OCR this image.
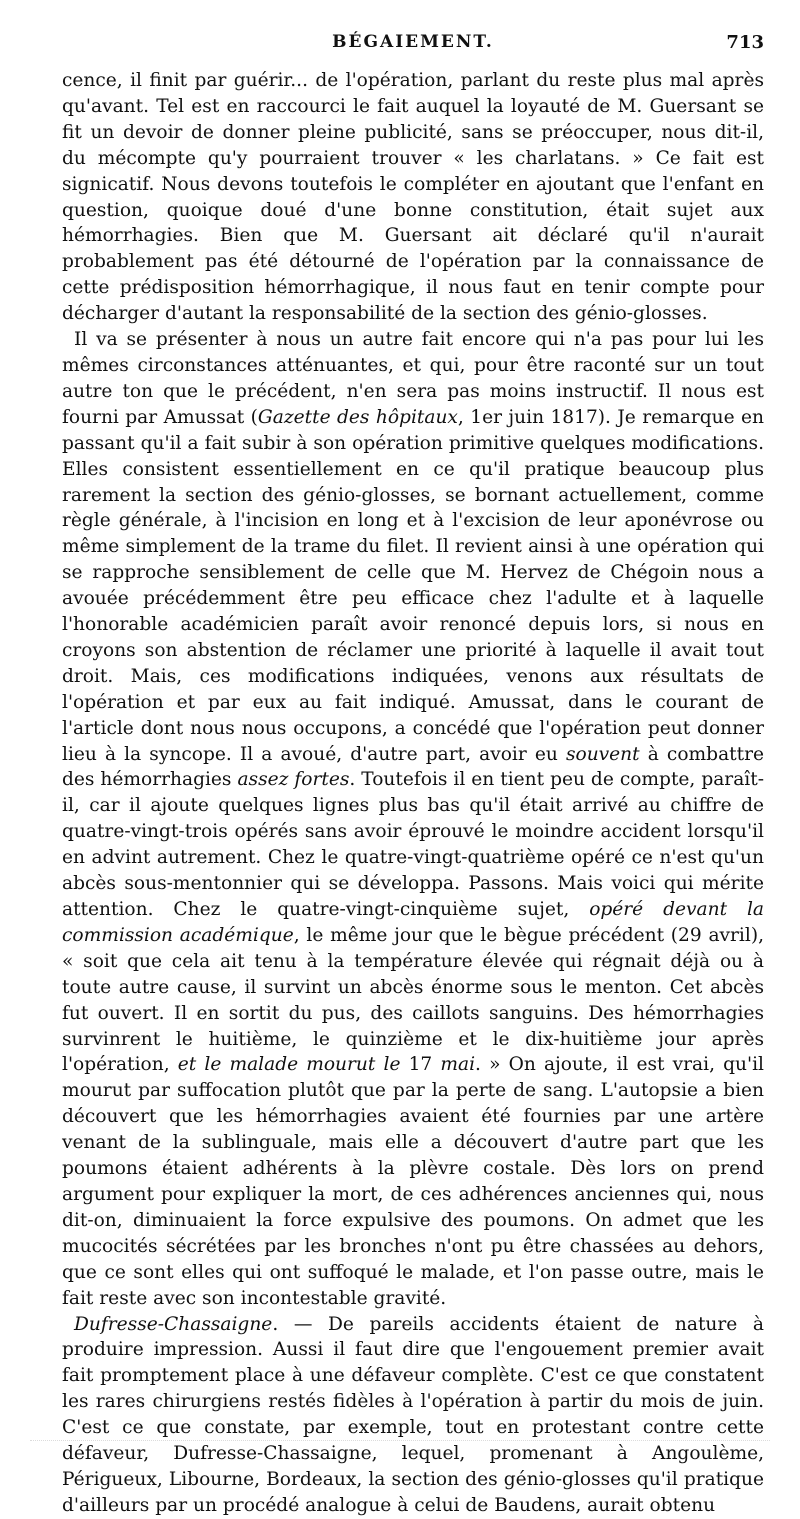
BÉGAIEMENT.	713

cence, il finit par guérir... de l'opération, parlant du reste plus mal après qu'avant. Tel est en raccourci le fait auquel la loyauté de M. Guersant se fit un devoir de donner pleine publicité, sans se préoccuper, nous dit-il, du mécompte qu'y pourraient trouver « les charlatans. » Ce fait est signicatif. Nous devons toutefois le compléter en ajoutant que l'enfant en question, quoique doué d'une bonne constitution, était sujet aux hémorrhagies. Bien que M. Guersant ait déclaré qu'il n'aurait probablement pas été détourné de l'opération par la connaissance de cette prédisposition hémorrhagique, il nous faut en tenir compte pour décharger d'autant la responsabilité de la section des génio-glosses.

Il va se présenter à nous un autre fait encore qui n'a pas pour lui les mêmes circonstances atténuantes, et qui, pour être raconté sur un tout autre ton que le précédent, n'en sera pas moins instructif. Il nous est fourni par Amussat (Gazette des hôpitaux, 1er juin 1817). Je remarque en passant qu'il a fait subir à son opération primitive quelques modifications. Elles consistent essentiellement en ce qu'il pratique beaucoup plus rarement la section des génio-glosses, se bornant actuellement, comme règle générale, à l'incision en long et à l'excision de leur aponévrose ou même simplement de la trame du filet. Il revient ainsi à une opération qui se rapproche sensiblement de celle que M. Hervez de Chégoin nous a avouée précédemment être peu efficace chez l'adulte et à laquelle l'honorable académicien paraît avoir renoncé depuis lors, si nous en croyons son abstention de réclamer une priorité à laquelle il avait tout droit. Mais, ces modifications indiquées, venons aux résultats de l'opération et par eux au fait indiqué. Amussat, dans le courant de l'article dont nous nous occupons, a concédé que l'opération peut donner lieu à la syncope. Il a avoué, d'autre part, avoir eu souvent à combattre des hémorrhagies assez fortes. Toutefois il en tient peu de compte, paraît-il, car il ajoute quelques lignes plus bas qu'il était arrivé au chiffre de quatre-vingt-trois opérés sans avoir éprouvé le moindre accident lorsqu'il en advint autrement. Chez le quatre-vingt-quatrième opéré ce n'est qu'un abcès sous-mentonnier qui se développa. Passons. Mais voici qui mérite attention. Chez le quatre-vingt-cinquième sujet, opéré devant la commission académique, le même jour que le bègue précédent (29 avril), « soit que cela ait tenu à la température élevée qui régnait déjà ou à toute autre cause, il survint un abcès énorme sous le menton. Cet abcès fut ouvert. Il en sortit du pus, des caillots sanguins. Des hémorrhagies survinrent le huitième, le quinzième et le dix-huitième jour après l'opération, et le malade mourut le 17 mai. » On ajoute, il est vrai, qu'il mourut par suffocation plutôt que par la perte de sang. L'autopsie a bien découvert que les hémorrhagies avaient été fournies par une artère venant de la sublinguale, mais elle a découvert d'autre part que les poumons étaient adhérents à la plèvre costale. Dès lors on prend argument pour expliquer la mort, de ces adhérences anciennes qui, nous dit-on, diminuaient la force expulsive des poumons. On admet que les mucocités sécrétées par les bronches n'ont pu être chassées au dehors, que ce sont elles qui ont suffoqué le malade, et l'on passe outre, mais le fait reste avec son incontestable gravité.

Dufresse-Chassaigne. — De pareils accidents étaient de nature à produire impression. Aussi il faut dire que l'engouement premier avait fait promptement place à une défaveur complète. C'est ce que constatent les rares chirurgiens restés fidèles à l'opération à partir du mois de juin. C'est ce que constate, par exemple, tout en protestant contre cette défaveur, Dufresse-Chassaigne, lequel, promenant à Angoulème, Périgueux, Libourne, Bordeaux, la section des génio-glosses qu'il pratique d'ailleurs par un procédé analogue à celui de Baudens, aurait obtenu
